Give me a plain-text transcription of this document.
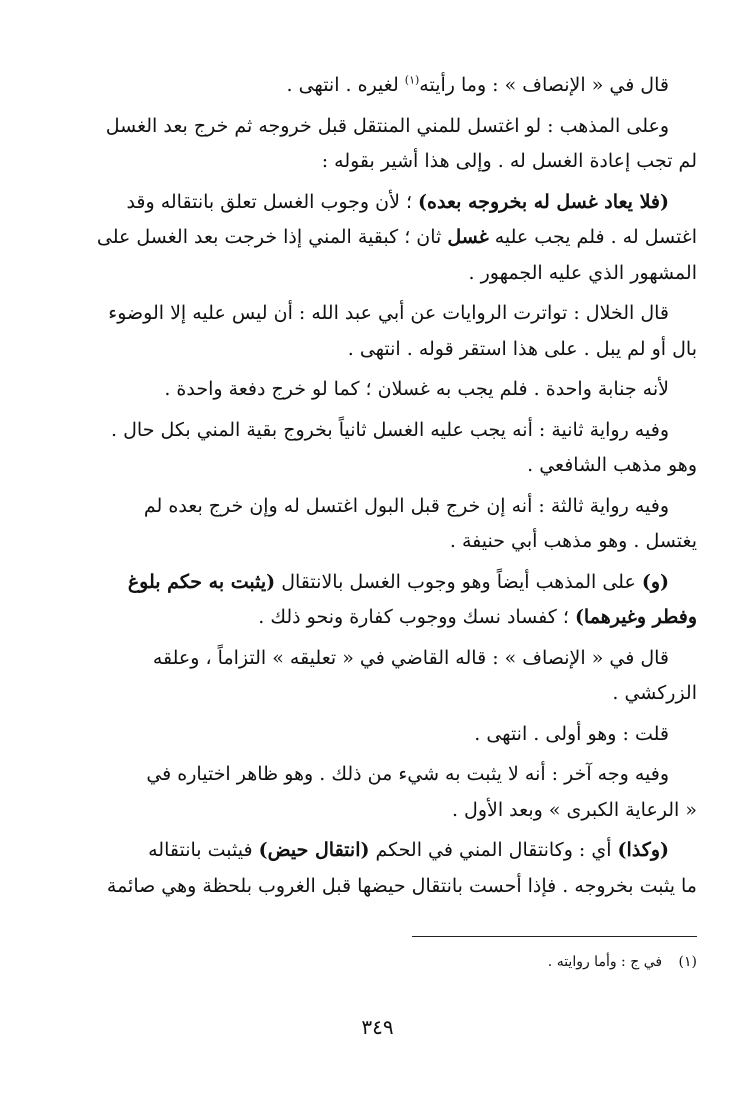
قال في « الإنصاف » : وما رأيته$^{(١)}$ لغيره . انتهى .
وعلى المذهب : لو اغتسل للمني المنتقل قبل خروجه ثم خرج بعد الغسل
لم تجب إعادة الغسل له . وإلى هذا أشير بقوله :
(فلا يعاد غسل له بخروجه بعده) ؛ لأن وجوب الغسل تعلق بانتقاله وقد
اغتسل له . فلم يجب عليه غسل ثان ؛ كبقية المني إذا خرجت بعد الغسل على
المشهور الذي عليه الجمهور .
قال الخلال : تواترت الروايات عن أبي عبد الله : أن ليس عليه إلا الوضوء
بال أو لم يبل . على هذا استقر قوله . انتهى .
لأنه جنابة واحدة . فلم يجب به غسلان ؛ كما لو خرج دفعة واحدة .
وفيه رواية ثانية : أنه يجب عليه الغسل ثانياً بخروج بقية المني بكل حال .
وهو مذهب الشافعي .
وفيه رواية ثالثة : أنه إن خرج قبل البول اغتسل له وإن خرج بعده لم
يغتسل . وهو مذهب أبي حنيفة .
(و) على المذهب أيضاً وهو وجوب الغسل بالانتقال (يثبت به حكم بلوغ
وفطر وغيرهما) ؛ كفساد نسك ووجوب كفارة ونحو ذلك .
قال في « الإنصاف » : قاله القاضي في « تعليقه » التزاماً ، وعلقه
الزركشي .
قلت : وهو أولى . انتهى .
وفيه وجه آخر : أنه لا يثبت به شيء من ذلك . وهو ظاهر اختياره في
« الرعاية الكبرى » وبعد الأول .
(وكذا) أي : وكانتقال المني في الحكم (انتقال حيض) فيثبت بانتقاله
ما يثبت بخروجه . فإذا أحست بانتقال حيضها قبل الغروب بلحظة وهي صائمة
(١) في ج : وأما روايته .
٣٤٩
